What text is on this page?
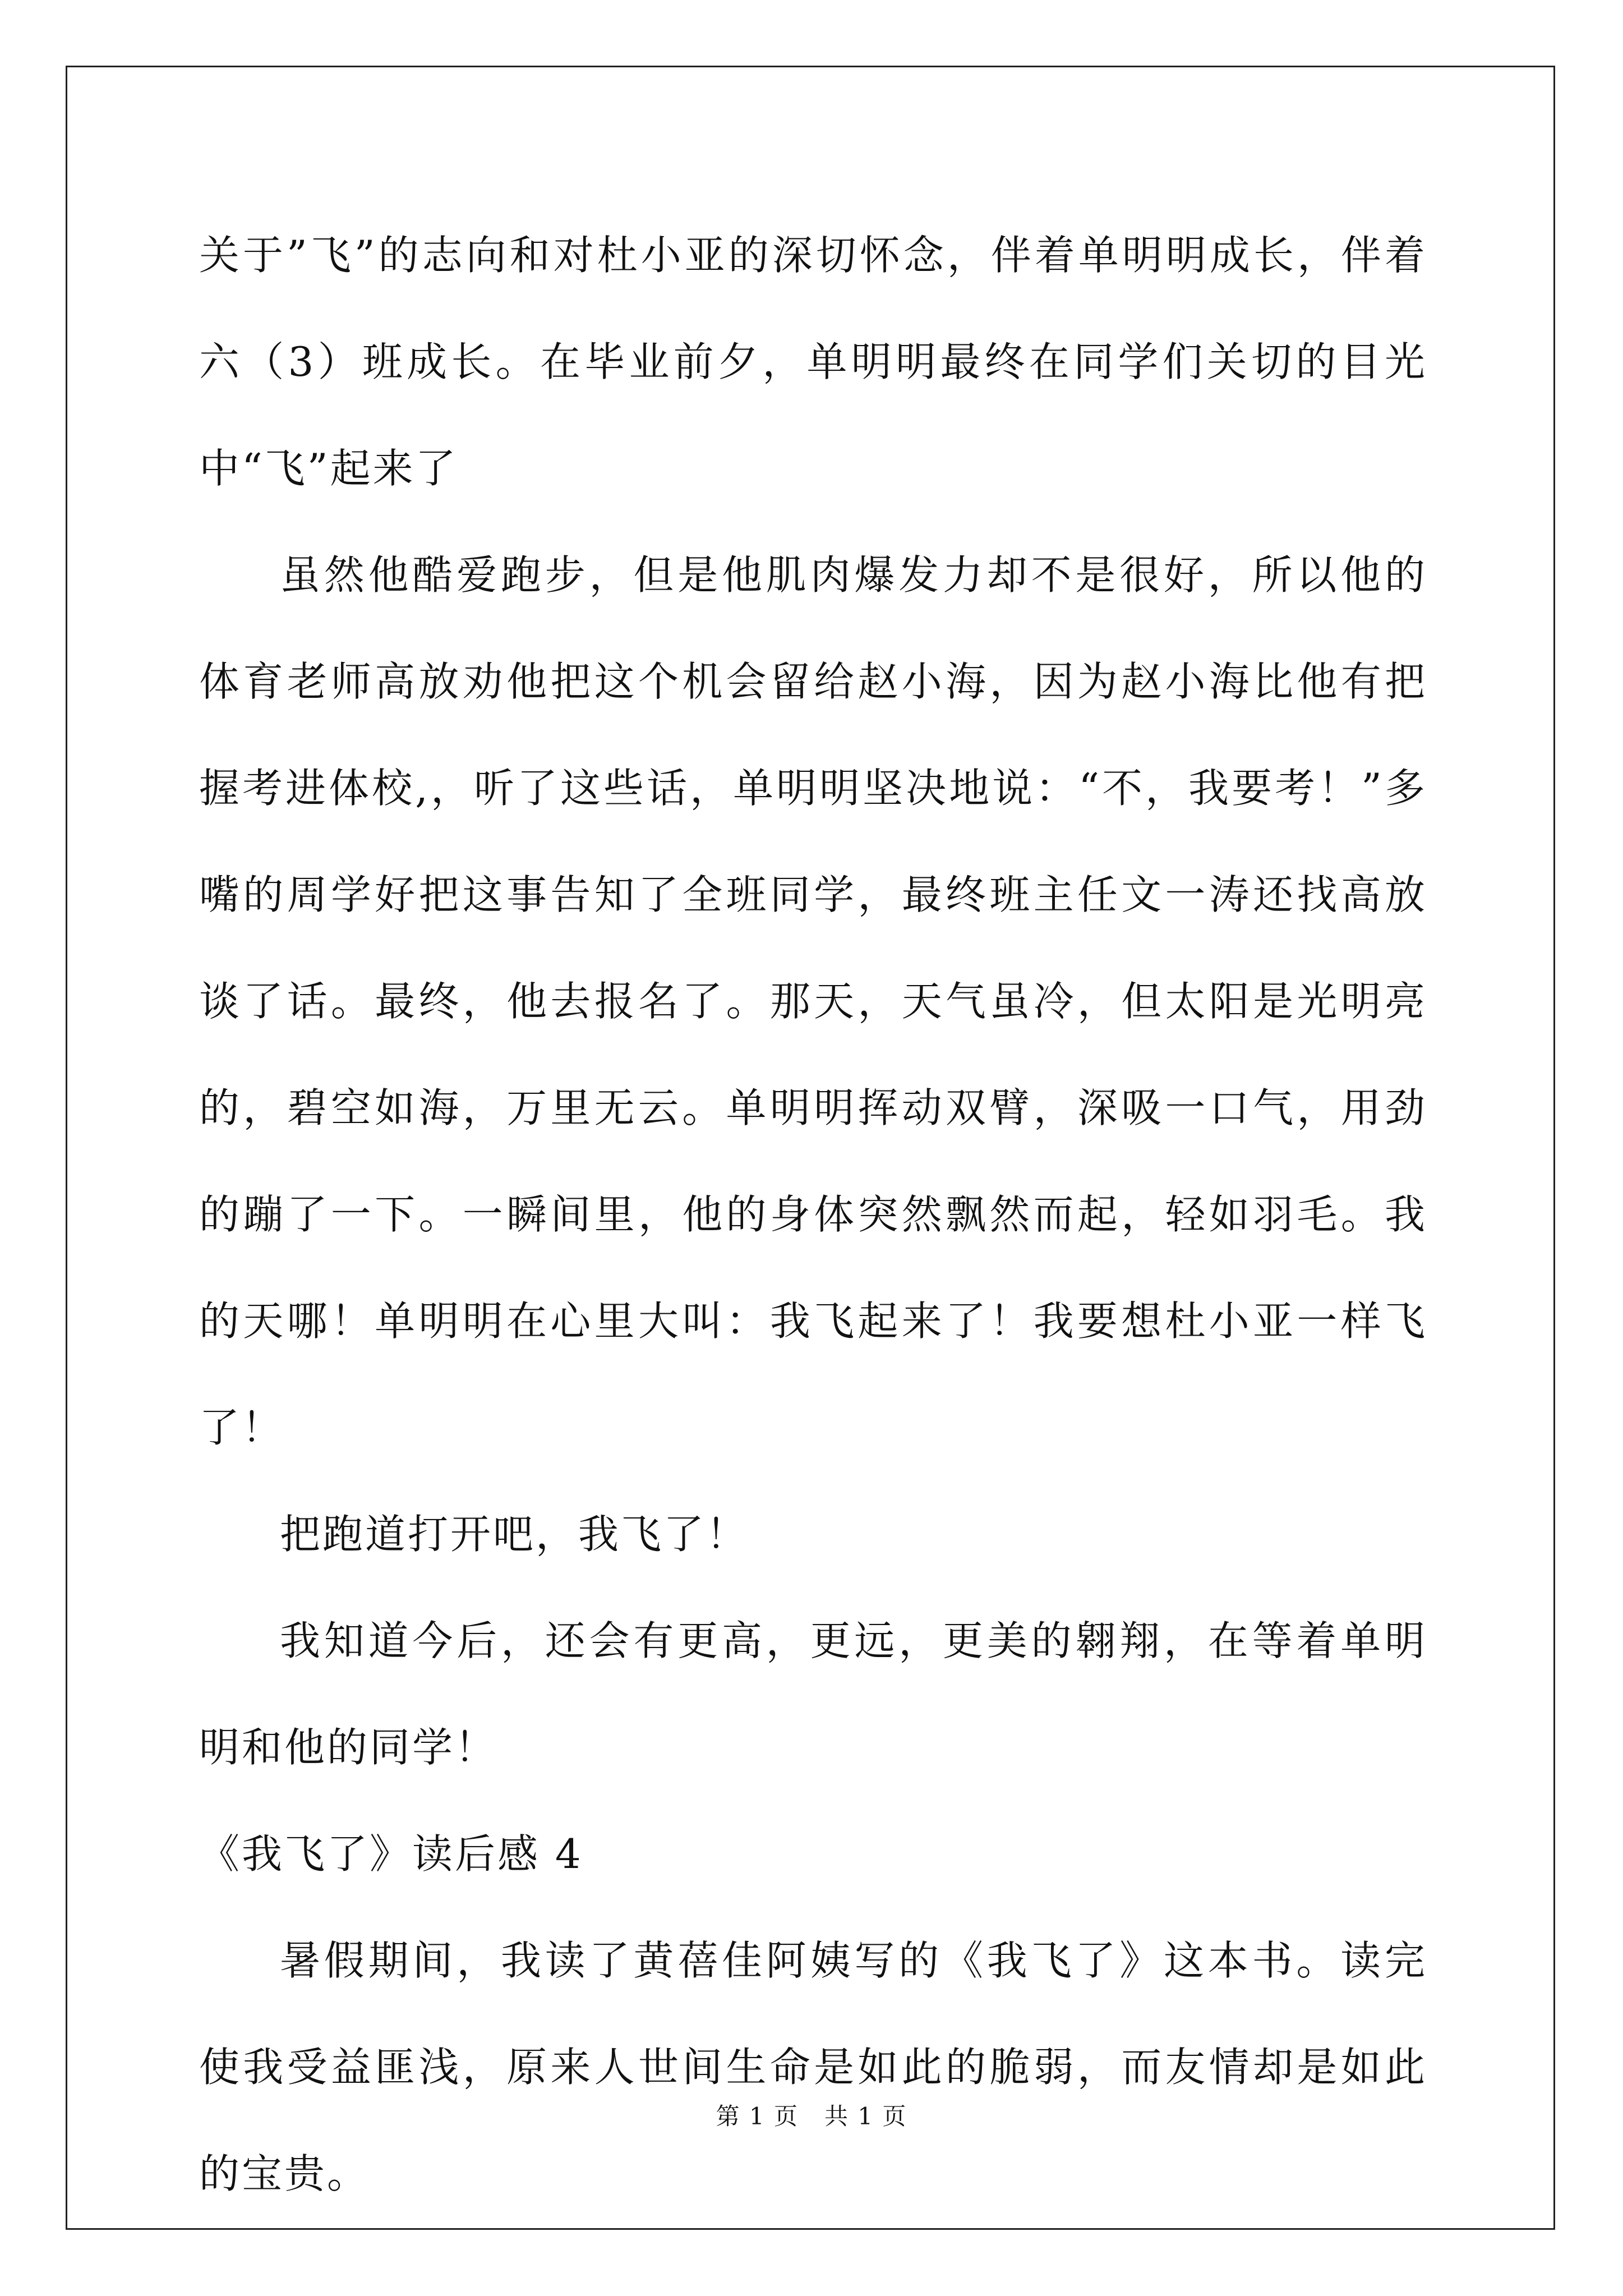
关于”飞”的志向和对杜小亚的深切怀念，伴着单明明成长，伴着六（3）班成长。在毕业前夕，单明明最终在同学们关切的目光中“飞”起来了

虽然他酷爱跑步，但是他肌肉爆发力却不是很好，所以他的体育老师高放劝他把这个机会留给赵小海，因为赵小海比他有把握考进体校,，听了这些话，单明明坚决地说：“不，我要考！”多嘴的周学好把这事告知了全班同学，最终班主任文一涛还找高放谈了话。最终，他去报名了。那天，天气虽冷，但太阳是光明亮的，碧空如海，万里无云。单明明挥动双臂，深吸一口气，用劲的蹦了一下。一瞬间里，他的身体突然飘然而起，轻如羽毛。我的天哪！单明明在心里大叫：我飞起来了！我要想杜小亚一样飞了！

把跑道打开吧，我飞了！

我知道今后，还会有更高，更远，更美的翱翔，在等着单明明和他的同学！

《我飞了》读后感 4

暑假期间，我读了黄蓓佳阿姨写的《我飞了》这本书。读完使我受益匪浅，原来人世间生命是如此的脆弱，而友情却是如此的宝贵。

第 1 页 共 1 页
